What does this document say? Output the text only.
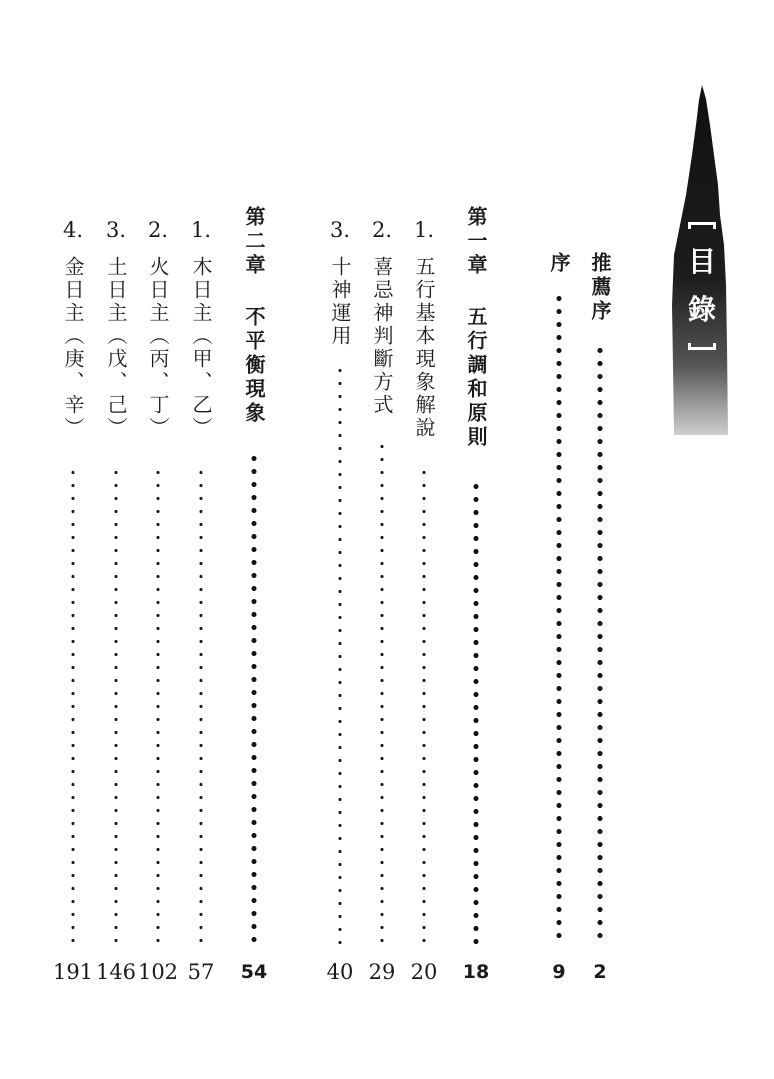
目
錄

推薦序

2

序

9

第一章 五行調和原則

18
1.

五行基本現象解說

20
2.

喜忌神判斷方式

29
3.

十神運用

40

第二章 不平衡現象

54
1.

木日主（甲、乙）

57
2.

火日主（丙、丁）

102
3.

土日主（戊、己）

146
4.

金日主（庚、辛）

191
